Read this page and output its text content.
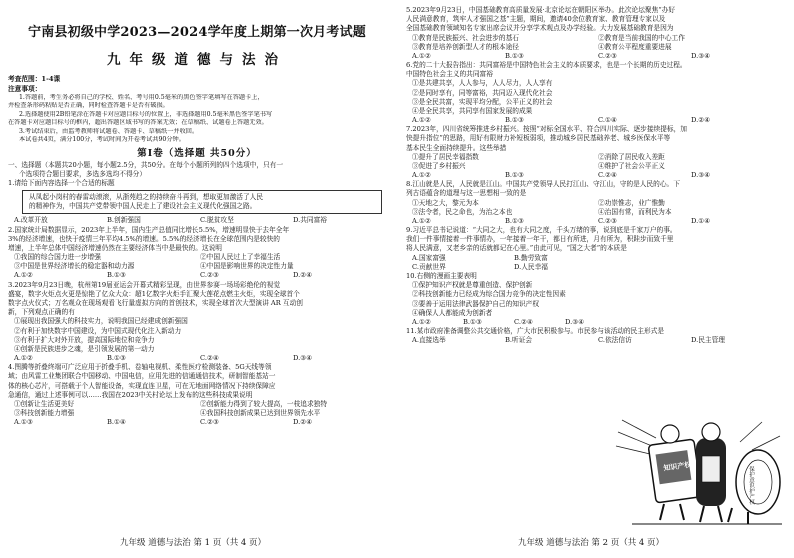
宁南县初级中学2023—2024学年度上期第一次月考试题
九年级道德与法治
考查范围：1-4课
注意事项：
1.答题前，考生务必将自己的学校、姓名、考号用0.5毫米的黑色签字笔填写在答题卡上，
并检查条形码粘贴是否正确，同时检查答题卡是否有破损。
2.选择题使用2B铅笔涂在答题卡对应题目标号的位置上，非选择题用0.5毫米黑色签字笔书写
在答题卡对应题目标号的框内，超出答题区域书写的答案无效；在草稿纸、试题卷上答题无效。
3.考试结束后，由监考教师将试题卷、答题卡、草稿纸一并收回。
本试卷共4页，满分100分，考试时间为开卷考试共90分钟。
第Ⅰ卷（选择题 共50分）
一、选择题（本题共20小题，每小题2.5分，共50分。在每个小题所列的四个选项中，只有一
个选项符合题目要求，多选多选均不得分）
1.请给下面内容选择一个合适的标题
从凤起小岗村的春雷动滚滚，从浙苑趋之的持续奋斗再到，想取更加激活了人民
的精神作为，中国共产党带领中国人民走上了建设社会主义现代化强国之路。
A.改革开放	B.创新强国	C.脱贫攻坚	D.共同富裕
2.国家统计局数据显示，2023年上半年，国内生产总值同比增长5.5%，增速明显快于去年全年
3%的经济增速，也快于疫情三年平均4.5%的增速。5.5%的经济增长在全球范围内是较快的
增速，上半年总体中国经济增速仍然在主要经济体当中是最快的。这说明
①我国的综合国力进一步增强	②中国人民过上了幸福生活
③中国是世界经济增长的稳定器和动力源	④中国是影响世界的决定性力量
A.①②	B.①③	C.②③	D.②④
3.2023年9月23日晚，杭州第19届亚运会开幕式精彩呈现，由世界参赛一场场彩绝伦的视觉
盛宴，数字火炬点火更是惊艳了亿众大众：超1亿数字火炬手汇聚大莲花点燃主火炬，实现全球首个
数字点火仪式；万名观众在现场观看飞行量虚拟方向的首创技术，实现全球首次大型演讲 AR 互动创
新，下列观点正确的有
①展现出我国强大的科技实力，说明我国已经建成创新强国
②有利于加快数字中国建设，为中国式现代化注入新动力
③有利于扩大对外开放，提高国际地位和竞争力
④创新是民族进步之魂，是引领发展的第一动力
A.①②	B.①③	C.②④	D.③④
4.图腾等折叠终端可广泛应用于折叠手机、卷轴电视机、柔性医疗检测装备、5G天线等领
域；由风雷工业集团联合中国移动、中国电信，应用先进的信通通信技术，研制智能基站一
体的核心芯片，可搭载于个人智能设备，实现直连卫星，可在无地面网络情况下持续保障应
急通信，通过上述事例可以……我国在2023中关村论坛上发布的这些科技成果说明
①创新让生活更美好	②创新能力得到了较大提高，一枝追求独特
③科技创新能力增强	④我国科技创新成果已达到世界领先水平
A.①③	B.①④	C.②③	D.②④
5.2023年9月23日，中国基础教育高质量发展·北京论坛在朝阳区举办。此次论坛聚焦“办好
人民满意教育，筑牢人才强国之基”主题，期间，邀请40余位教育家、教育管理专家以及
全国基础教育领域知名专家出席会议并分享学术观点及办学经验。大力发展基础教育是因为
①教育是民族振兴、社会进步的基石	②教育是当前我国的中心工作
③教育是培养创新型人才的根本途径	④教育公平程度重要进展
A.①②	B.①③	C.②③	D.③④
6.党的二十大报告指出：共同富裕是中国特色社会主义的本质要求，也是一个长期的历史过程。
中国特色社会主义的共同富裕
①是共建共享，人人参与，人人尽力，人人享有
②是同时享有，同等富裕，共同迈入现代化社会
③是全民共富，实现平均分配，公平正义的社会
④是全民共享，共同享有国家发展的成果
A.①②	B.①③	C.①④	D.②④
7.2023年，四川省统筹推进乡村振兴。按照“对标全国水平、符合四川实际、逐步接续提标，加
快提升指位”的思路，用好有限财力补短板弱项，推动城乡居民基础养老、城乡医保水平等
基本民生全面持续提升。这些举措
①提升了居民幸福指数	②消除了居民收入差距
③促进了乡村振兴	④维护了社会公平正义
A.①②	B.①③	C.②④	D.③④
8.江山就是人民，人民就是江山。中国共产党领导人民打江山、守江山，守的是人民的心。下
列古语蕴含的道理与这一思想相一致的是
①天地之大，黎元为本	②功崇惟志，业广惟勤
③法令者，民之命也，为治之本也	④治国有常，而利民为本
A.①②	B.①③	C.②③	D.①④
9.习近平总书记说道：“大同之大，也有大同之度，千头万绪的事，说到底是千家万户的事。
我们一件事情接着一件事情办，一年接着一年干，都日有所进，月有所为，积跬步而致千里
将人民满意，又老乡亲的话就都记在心里。”由此可见，“国之大者”的本质是
A.国家富强	B.勤劳致富
C.贡献世界	D.人民幸福
10.右侧的漫画主要表明
①保护知识产权就是尊重创造、保护创新
②科技创新能力已经成为综合国力竞争的决定性因素
③要善于运用法律武器保护自己的知识产权
④确保人人都能成为创新者
A.①②	B.①③	C.②④	D.③④
11.某市政府准备调整公共交通价格，广大市民积极参与。市民参与该活动的民主形式是
A.直接选举	B.听证会	C.依法信访	D.民主管理
知识产权	保护意识护产权
九年级 道德与法治 第 1 页（共 4 页）	九年级 道德与法治 第 2 页（共 4 页）
